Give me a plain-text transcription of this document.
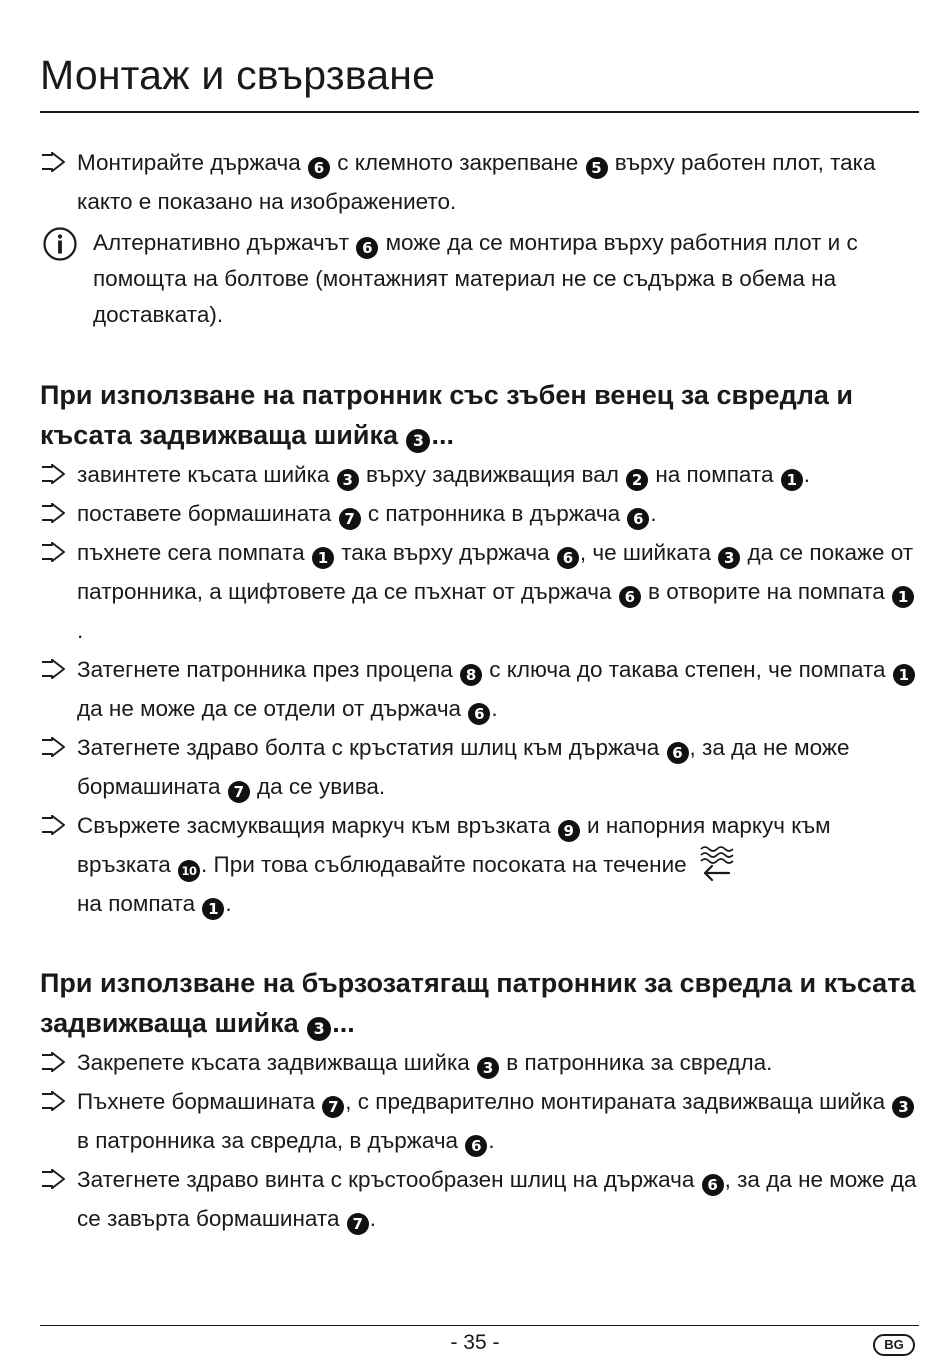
Монтаж и свързване
Монтирайте държача 6 с клемното закрепване 5 върху работен плот, така както е показано на изображението.
Алтернативно държачът 6 може да се монтира върху работния плот и с помощта на болтове (монтажният материал не се съдържа в обема на доставката).
При използване на патронник със зъбен венец за свредла и късата задвижваща шийка 3 ...
завинтете късата шийка 3 върху задвижващия вал 2 на помпата 1 .
поставете бормашината 7 с патронника в държача 6 .
пъхнете сега помпата 1 така върху държача 6 , че шийката 3 да се покаже от патронника, а щифтовете да се пъхнат от държача 6 в отворите на помпата 1.
Затегнете патронника през процепа 8 с ключа до такава степен, че помпата 1 да не може да се отдели от държача 6 .
Затегнете здраво болта с кръстатия шлиц към държача 6 , за да не може бормашината 7 да се увива.
Свържете засмукващия маркуч към връзката 9 и напорния маркуч към връзката 10 . При това съблюдавайте посоката на течение
на помпата 1 .
При използване на бързозатягащ патронник за свредла и късата задвижваща шийка 3 ...
Закрепете късата задвижваща шийка 3 в патронника за свредла.
Пъхнете бормашината 7 , с предварително монтираната задвижваща шийка 3 в патронника за свредла, в държача 6 .
Затегнете здраво винта с кръстообразен шлиц на държача 6 , за да не може да се завърта бормашината 7 .
- 35 -	BG
